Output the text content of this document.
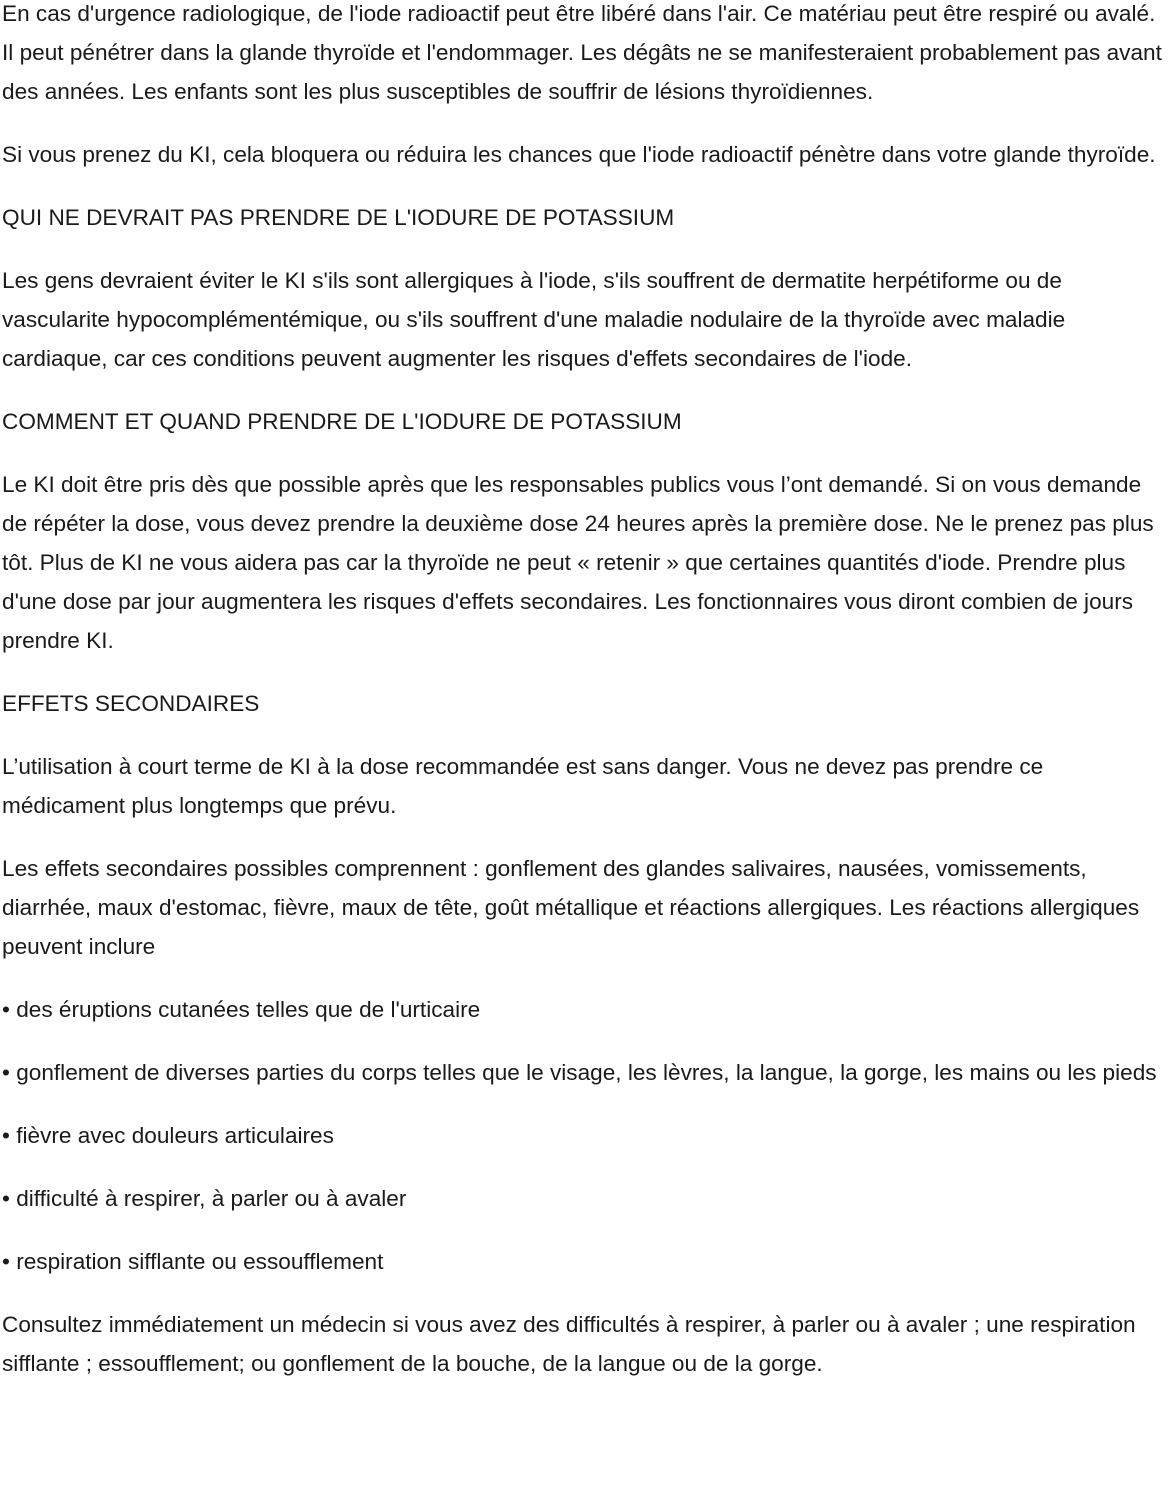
En cas d'urgence radiologique, de l'iode radioactif peut être libéré dans l'air. Ce matériau peut être respiré ou avalé. Il peut pénétrer dans la glande thyroïde et l'endommager. Les dégâts ne se manifesteraient probablement pas avant des années. Les enfants sont les plus susceptibles de souffrir de lésions thyroïdiennes.

Si vous prenez du KI, cela bloquera ou réduira les chances que l'iode radioactif pénètre dans votre glande thyroïde.

QUI NE DEVRAIT PAS PRENDRE DE L'IODURE DE POTASSIUM

Les gens devraient éviter le KI s'ils sont allergiques à l'iode, s'ils souffrent de dermatite herpétiforme ou de vascularite hypocomplémentémique, ou s'ils souffrent d'une maladie nodulaire de la thyroïde avec maladie cardiaque, car ces conditions peuvent augmenter les risques d'effets secondaires de l'iode.

COMMENT ET QUAND PRENDRE DE L'IODURE DE POTASSIUM

Le KI doit être pris dès que possible après que les responsables publics vous l’ont demandé. Si on vous demande de répéter la dose, vous devez prendre la deuxième dose 24 heures après la première dose. Ne le prenez pas plus tôt. Plus de KI ne vous aidera pas car la thyroïde ne peut « retenir » que certaines quantités d'iode. Prendre plus d'une dose par jour augmentera les risques d'effets secondaires. Les fonctionnaires vous diront combien de jours prendre KI.

EFFETS SECONDAIRES

L’utilisation à court terme de KI à la dose recommandée est sans danger. Vous ne devez pas prendre ce médicament plus longtemps que prévu.

Les effets secondaires possibles comprennent : gonflement des glandes salivaires, nausées, vomissements, diarrhée, maux d'estomac, fièvre, maux de tête, goût métallique et réactions allergiques. Les réactions allergiques peuvent inclure

• des éruptions cutanées telles que de l'urticaire
• gonflement de diverses parties du corps telles que le visage, les lèvres, la langue, la gorge, les mains ou les pieds
• fièvre avec douleurs articulaires
• difficulté à respirer, à parler ou à avaler
• respiration sifflante ou essoufflement

Consultez immédiatement un médecin si vous avez des difficultés à respirer, à parler ou à avaler ; une respiration sifflante ; essoufflement; ou gonflement de la bouche, de la langue ou de la gorge.
